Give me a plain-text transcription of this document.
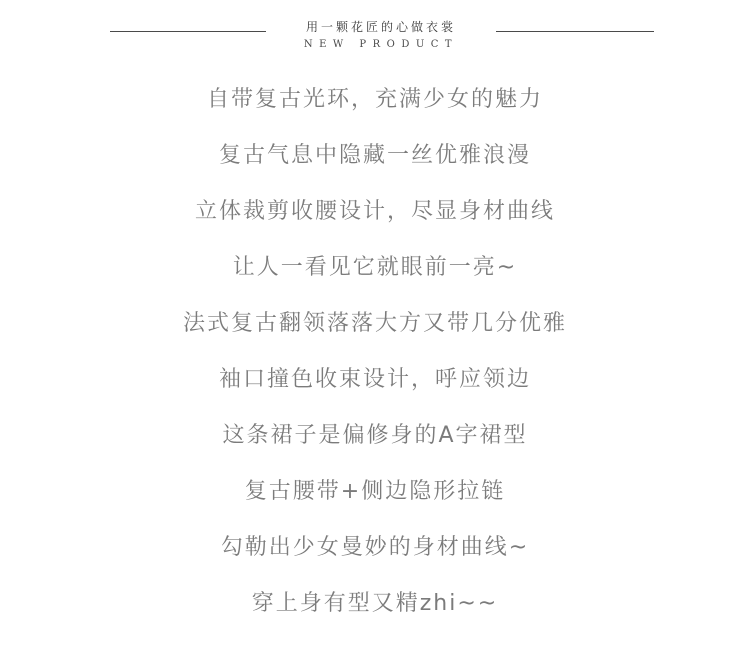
用一颗花匠的心做衣裳
NEW PRODUCT
自带复古光环，充满少女的魅力
复古气息中隐藏一丝优雅浪漫
立体裁剪收腰设计，尽显身材曲线
让人一看见它就眼前一亮~
法式复古翻领落落大方又带几分优雅
袖口撞色收束设计，呼应领边
这条裙子是偏修身的A字裙型
复古腰带+侧边隐形拉链
勾勒出少女曼妙的身材曲线~
穿上身有型又精zhi~~
